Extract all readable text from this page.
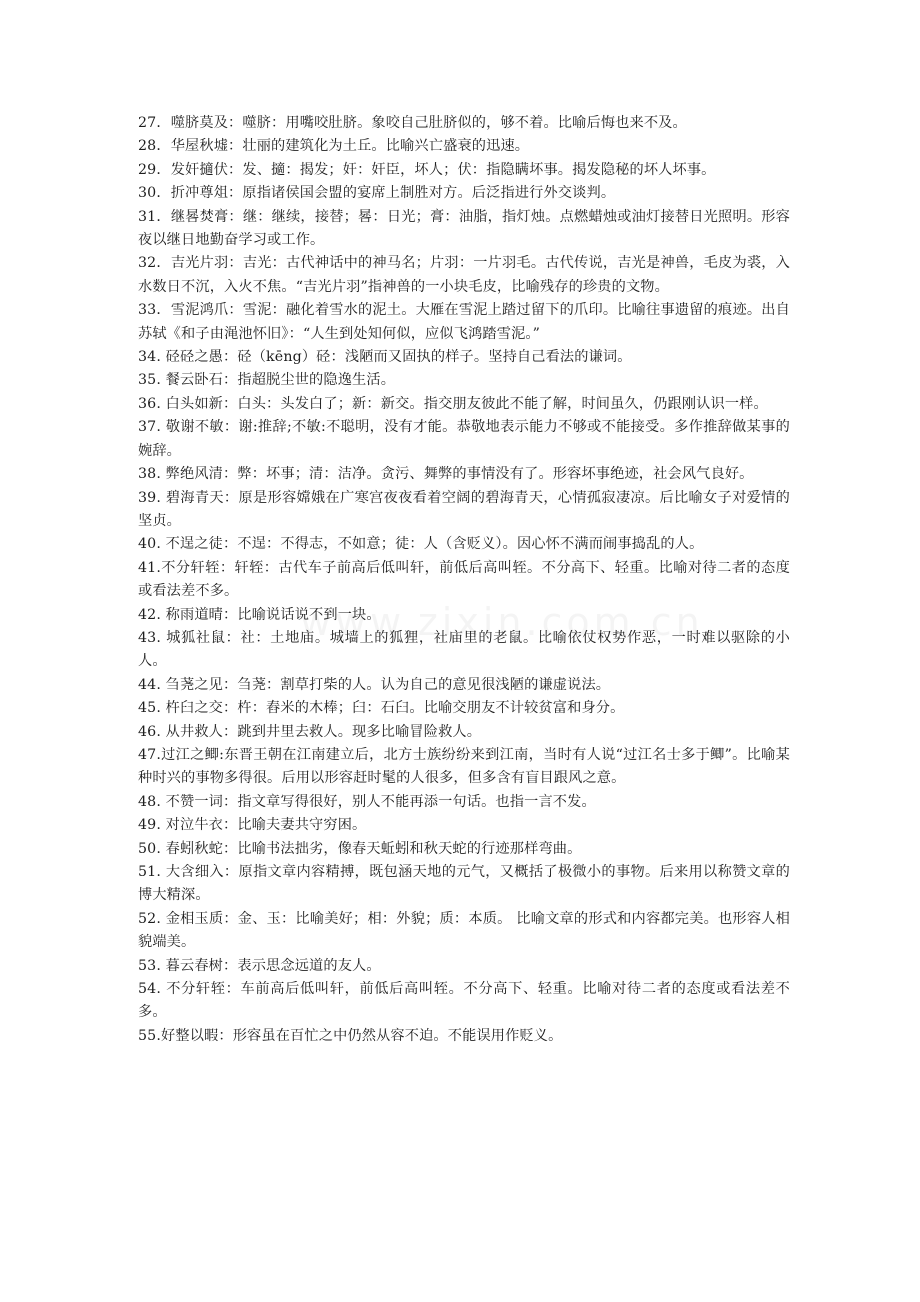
27．噬脐莫及：噬脐：用嘴咬肚脐。象咬自己肚脐似的，够不着。比喻后悔也来不及。

28．华屋秋墟：壮丽的建筑化为土丘。比喻兴亡盛衰的迅速。

29．发奸擿伏：发、擿：揭发；奸：奸臣，坏人；伏：指隐瞒坏事。揭发隐秘的坏人坏事。

30．折冲尊俎：原指诸侯国会盟的宴席上制胜对方。后泛指进行外交谈判。

31．继晷焚膏：继：继续，接替；晷：日光；膏：油脂，指灯烛。点燃蜡烛或油灯接替日光照明。形容夜以继日地勤奋学习或工作。

32．吉光片羽：吉光：古代神话中的神马名；片羽：一片羽毛。古代传说，吉光是神兽，毛皮为裘，入水数日不沉，入火不焦。“吉光片羽”指神兽的一小块毛皮，比喻残存的珍贵的文物。

33．雪泥鸿爪：雪泥：融化着雪水的泥土。大雁在雪泥上踏过留下的爪印。比喻往事遗留的痕迹。出自苏轼《和子由渑池怀旧》：“人生到处知何似，应似飞鸿踏雪泥。”

34. 硁硁之愚：硁（kēng）硁：浅陋而又固执的样子。坚持自己看法的谦词。

35. 餐云卧石：指超脱尘世的隐逸生活。

36. 白头如新：白头：头发白了；新：新交。指交朋友彼此不能了解，时间虽久，仍跟刚认识一样。

37. 敬谢不敏：谢:推辞;不敏:不聪明，没有才能。恭敬地表示能力不够或不能接受。多作推辞做某事的婉辞。

38. 弊绝风清：弊：坏事；清：洁净。贪污、舞弊的事情没有了。形容坏事绝迹，社会风气良好。

39. 碧海青天：原是形容嫦娥在广寒宫夜夜看着空阔的碧海青天，心情孤寂凄凉。后比喻女子对爱情的坚贞。

40. 不逞之徒：不逞：不得志，不如意；徒：人（含贬义）。因心怀不满而闹事捣乱的人。

41.不分轩轾：轩轾：古代车子前高后低叫轩，前低后高叫轾。不分高下、轻重。比喻对待二者的态度或看法差不多。

42. 称雨道晴：比喻说话说不到一块。

43. 城狐社鼠：社：土地庙。城墙上的狐狸，社庙里的老鼠。比喻依仗权势作恶，一时难以驱除的小人。

44. 刍荛之见：刍荛：割草打柴的人。认为自己的意见很浅陋的谦虚说法。

45. 杵臼之交：杵：舂米的木棒；臼：石臼。比喻交朋友不计较贫富和身分。

46. 从井救人：跳到井里去救人。现多比喻冒险救人。

47.过江之鲫:东晋王朝在江南建立后，北方士族纷纷来到江南，当时有人说“过江名士多于鲫”。比喻某种时兴的事物多得很。后用以形容赶时髦的人很多，但多含有盲目跟风之意。

48. 不赞一词：指文章写得很好，别人不能再添一句话。也指一言不发。

49. 对泣牛衣：比喻夫妻共守穷困。

50. 春蚓秋蛇：比喻书法拙劣，像春天蚯蚓和秋天蛇的行迹那样弯曲。

51. 大含细入：原指文章内容精搏，既包涵天地的元气，又概括了极微小的事物。后来用以称赞文章的博大精深。

52. 金相玉质：金、玉：比喻美好；相：外貌；质：本质。 比喻文章的形式和内容都完美。也形容人相貌端美。

53. 暮云春树：表示思念远道的友人。

54. 不分轩轾：车前高后低叫轩，前低后高叫轾。不分高下、轻重。比喻对待二者的态度或看法差不多。

55.好整以暇：形容虽在百忙之中仍然从容不迫。不能误用作贬义。
